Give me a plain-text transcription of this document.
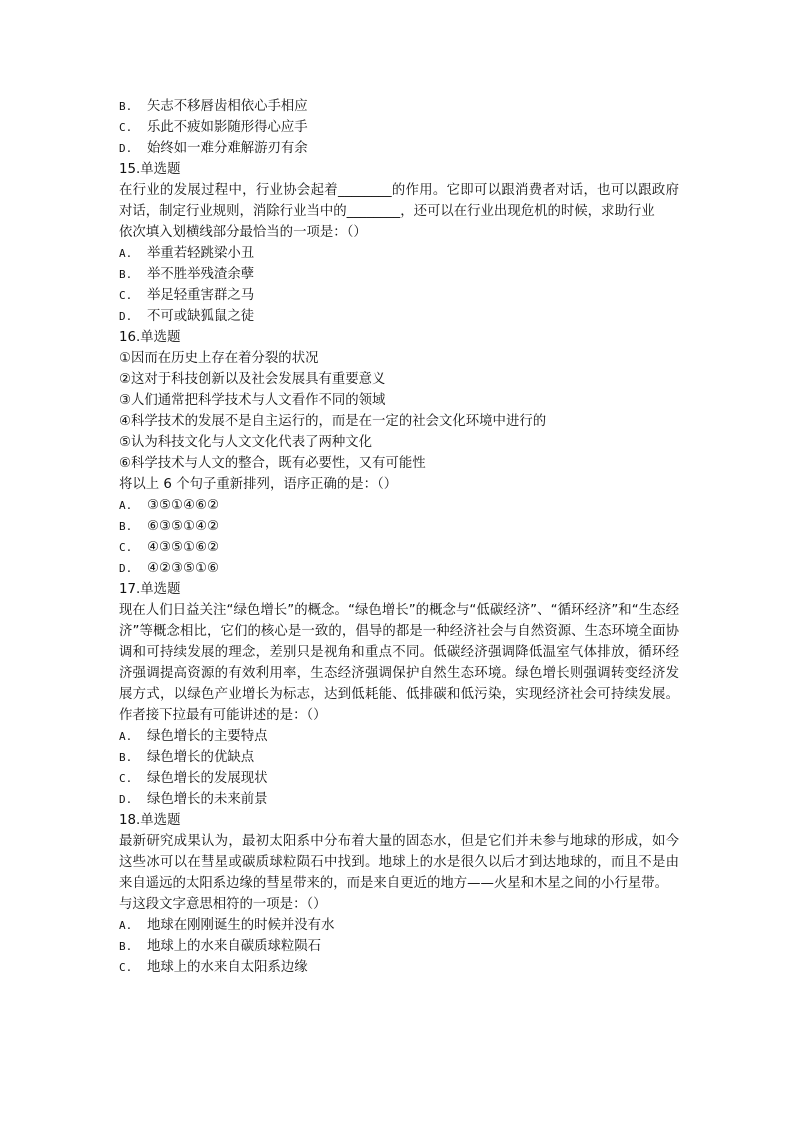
B. 矢志不移唇齿相依心手相应
C. 乐此不疲如影随形得心应手
D. 始终如一难分难解游刃有余
15.单选题
在行业的发展过程中，行业协会起着________的作用。它即可以跟消费者对话，也可以跟政府对话，制定行业规则，消除行业当中的________，还可以在行业出现危机的时候，求助行业
依次填入划横线部分最恰当的一项是：（）
A. 举重若轻跳梁小丑
B. 举不胜举残渣余孽
C. 举足轻重害群之马
D. 不可或缺狐鼠之徒
16.单选题
①因而在历史上存在着分裂的状况
②这对于科技创新以及社会发展具有重要意义
③人们通常把科学技术与人文看作不同的领域
④科学技术的发展不是自主运行的，而是在一定的社会文化环境中进行的
⑤认为科技文化与人文文化代表了两种文化
⑥科学技术与人文的整合，既有必要性，又有可能性
将以上 6 个句子重新排列，语序正确的是：（）
A. ③⑤①④⑥②
B. ⑥③⑤①④②
C. ④③⑤①⑥②
D. ④②③⑤①⑥
17.单选题
现在人们日益关注“绿色增长”的概念。“绿色增长”的概念与“低碳经济”、“循环经济”和“生态经济”等概念相比，它们的核心是一致的，倡导的都是一种经济社会与自然资源、生态环境全面协调和可持续发展的理念，差别只是视角和重点不同。低碳经济强调降低温室气体排放，循环经济强调提高资源的有效利用率，生态经济强调保护自然生态环境。绿色增长则强调转变经济发展方式，以绿色产业增长为标志，达到低耗能、低排碳和低污染，实现经济社会可持续发展。作者接下拉最有可能讲述的是：（）
A. 绿色增长的主要特点
B. 绿色增长的优缺点
C. 绿色增长的发展现状
D. 绿色增长的未来前景
18.单选题
最新研究成果认为，最初太阳系中分布着大量的固态水，但是它们并未参与地球的形成，如今这些冰可以在彗星或碳质球粒陨石中找到。地球上的水是很久以后才到达地球的，而且不是由来自遥远的太阳系边缘的彗星带来的，而是来自更近的地方——火星和木星之间的小行星带。
与这段文字意思相符的一项是：（）
A. 地球在刚刚诞生的时候并没有水
B. 地球上的水来自碳质球粒陨石
C. 地球上的水来自太阳系边缘
